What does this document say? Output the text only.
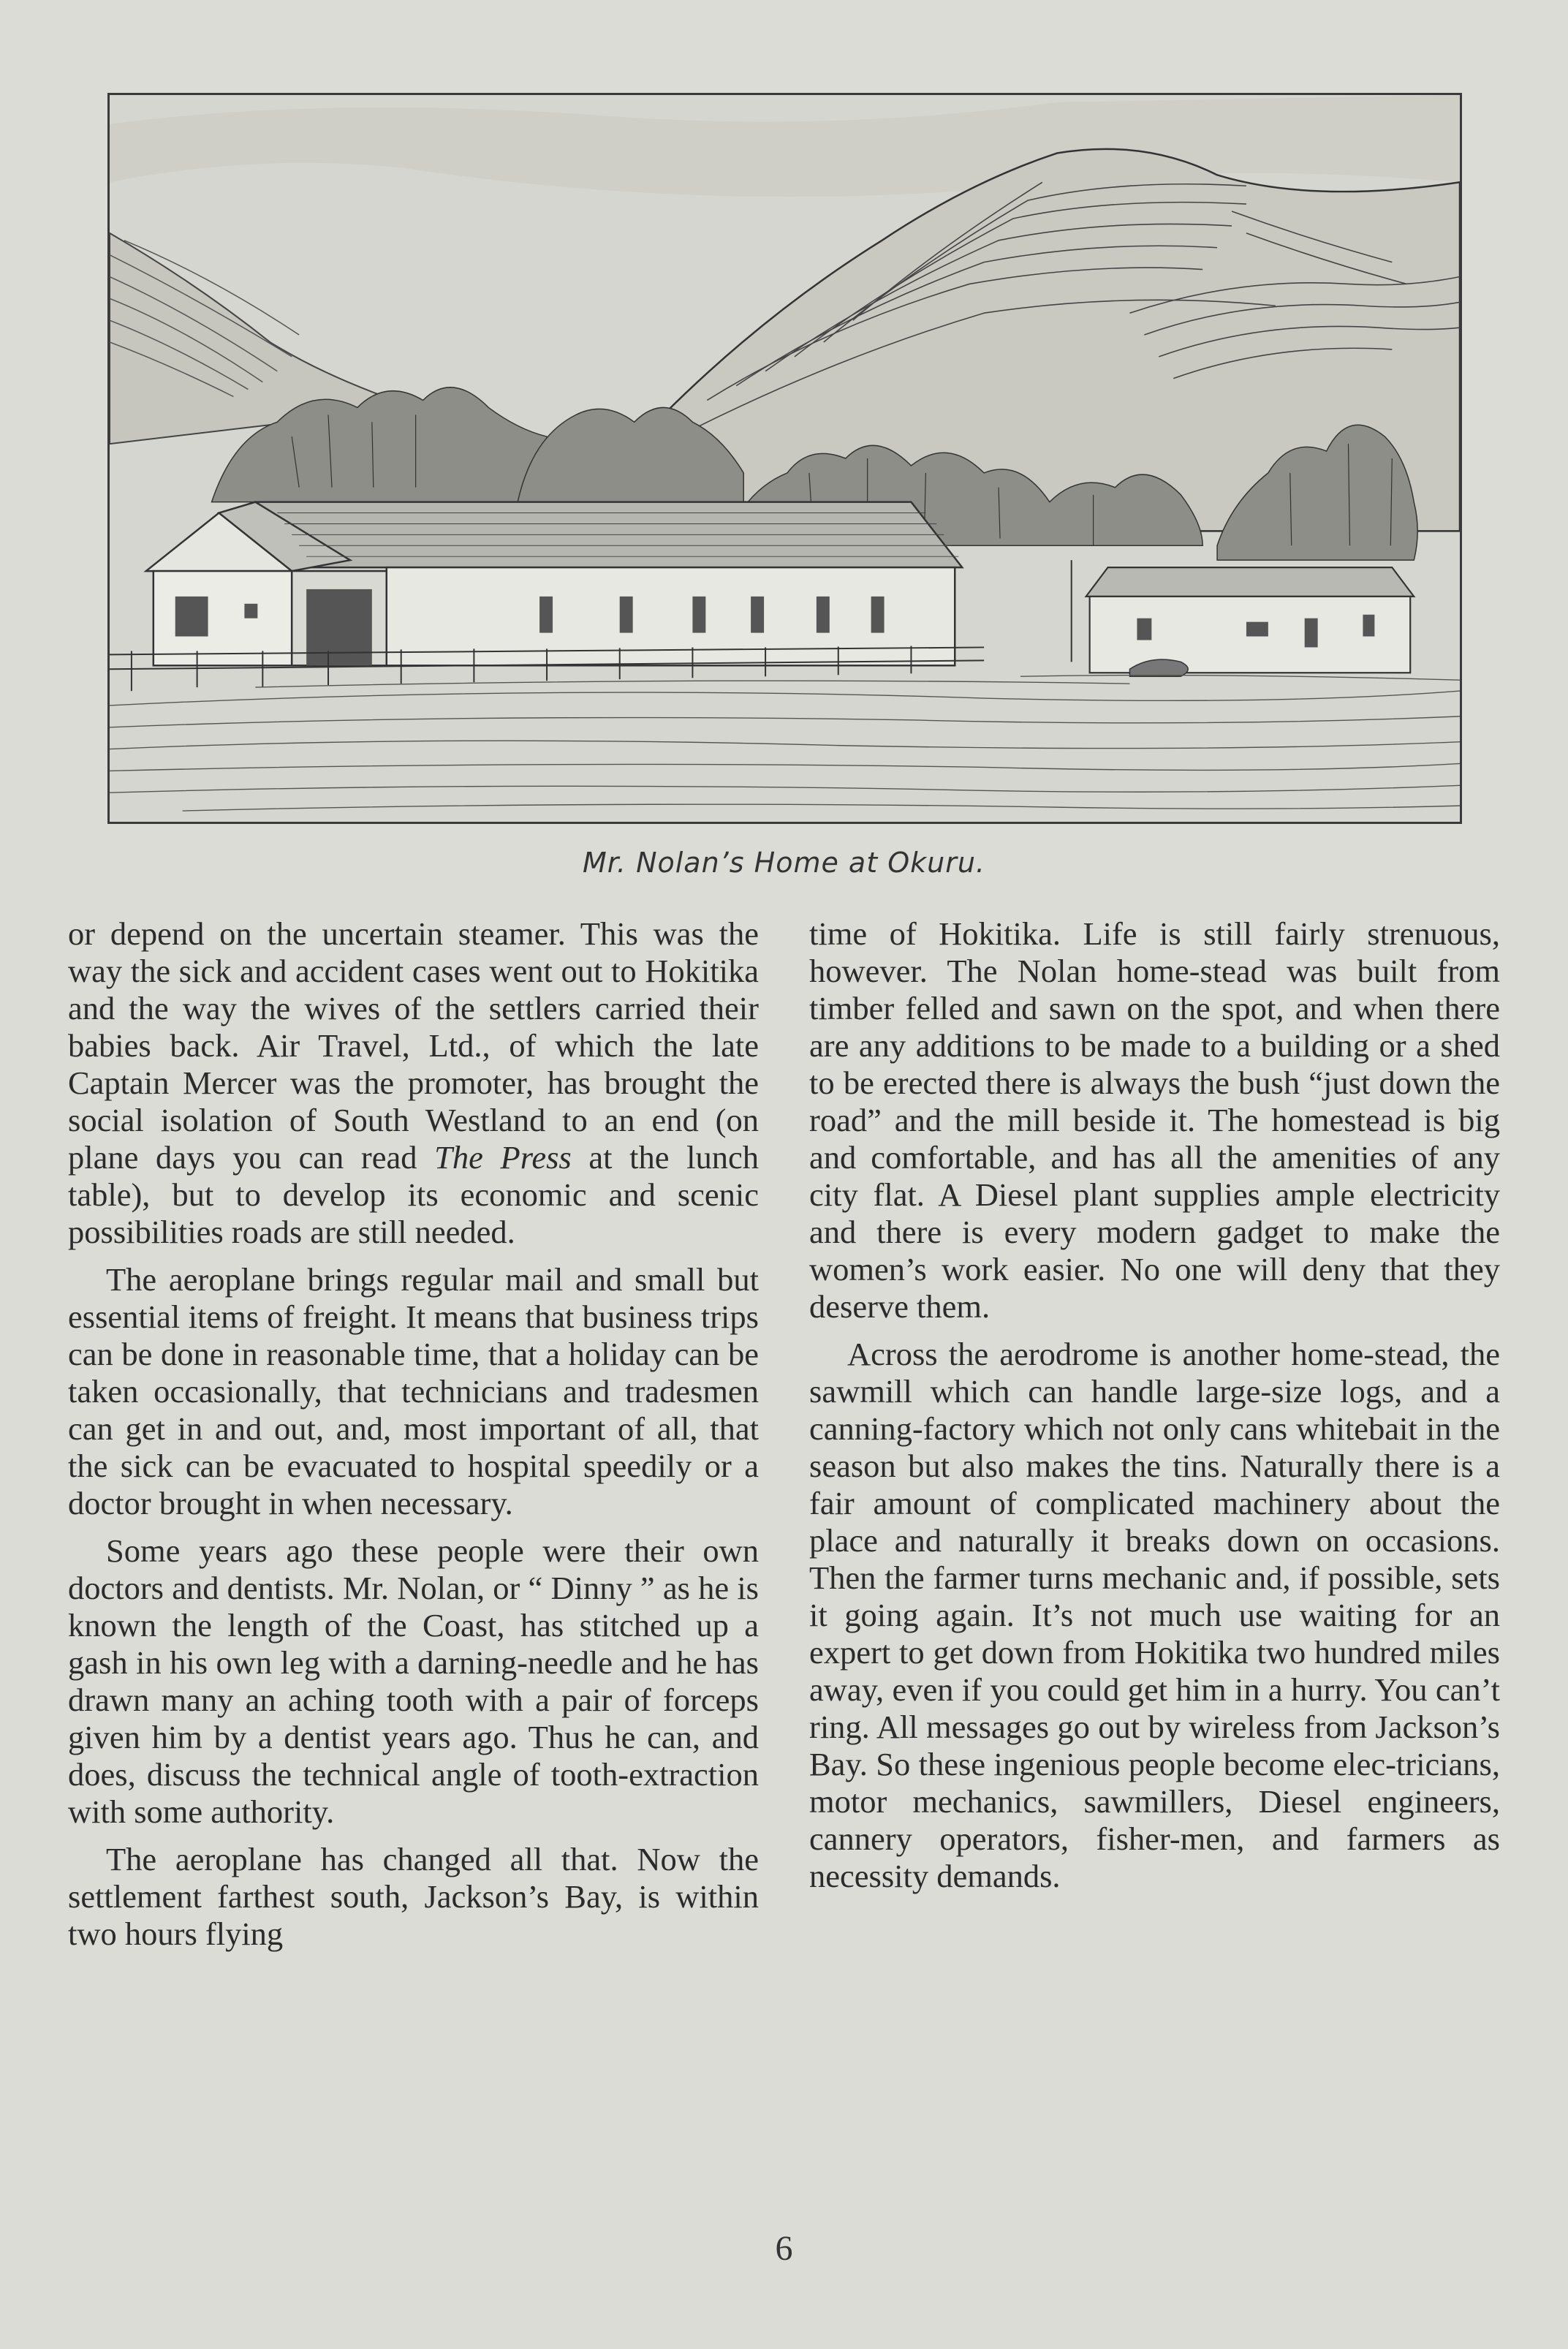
Mr. Nolan’s Home at Okuru.

or depend on the uncertain steamer. This was the way the sick and accident cases went out to Hokitika and the way the wives of the settlers carried their babies back. Air Travel, Ltd., of which the late Captain Mercer was the promoter, has brought the social isolation of South Westland to an end (on plane days you can read The Press at the lunch table), but to develop its economic and scenic possibilities roads are still needed.

The aeroplane brings regular mail and small but essential items of freight. It means that business trips can be done in reasonable time, that a holiday can be taken occasionally, that technicians and tradesmen can get in and out, and, most important of all, that the sick can be evacuated to hospital speedily or a doctor brought in when necessary.

Some years ago these people were their own doctors and dentists. Mr. Nolan, or “ Dinny ” as he is known the length of the Coast, has stitched up a gash in his own leg with a darning-needle and he has drawn many an aching tooth with a pair of forceps given him by a dentist years ago. Thus he can, and does, discuss the technical angle of tooth-extraction with some authority.

The aeroplane has changed all that. Now the settlement farthest south, Jackson’s Bay, is within two hours flying

time of Hokitika. Life is still fairly strenuous, however. The Nolan home-stead was built from timber felled and sawn on the spot, and when there are any additions to be made to a building or a shed to be erected there is always the bush “just down the road” and the mill beside it. The homestead is big and comfortable, and has all the amenities of any city flat. A Diesel plant supplies ample electricity and there is every modern gadget to make the women’s work easier. No one will deny that they deserve them.

Across the aerodrome is another home-stead, the sawmill which can handle large-size logs, and a canning-factory which not only cans whitebait in the season but also makes the tins. Naturally there is a fair amount of complicated machinery about the place and naturally it breaks down on occasions. Then the farmer turns mechanic and, if possible, sets it going again. It’s not much use waiting for an expert to get down from Hokitika two hundred miles away, even if you could get him in a hurry. You can’t ring. All messages go out by wireless from Jackson’s Bay. So these ingenious people become elec-tricians, motor mechanics, sawmillers, Diesel engineers, cannery operators, fisher-men, and farmers as necessity demands.

6
